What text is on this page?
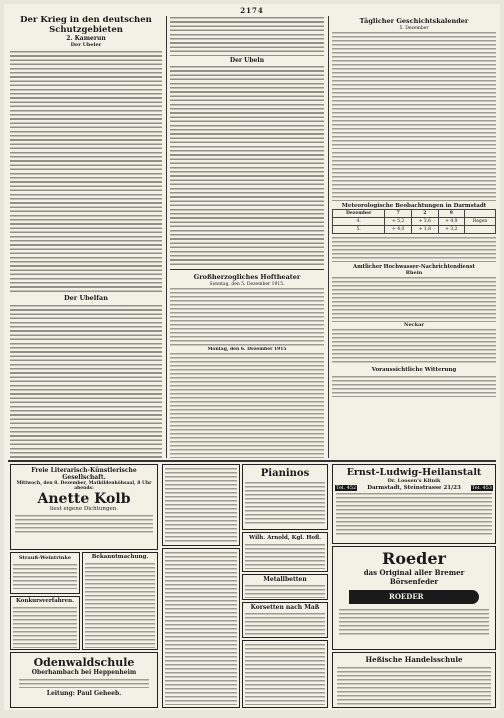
2174
Der Krieg in den deutschen Schutzgebieten
2. Kamerun
Der Ubeler
Der Ubelfan
Der Ubeln
Großherzogliches Hoftheater
Sonntag, den 5. Dezember 1915.
Montag, den 6. Dezember 1915
Täglicher Geschichtskalender
5. Dezember
Meteorologische Beobachtungen in Darmstadt
Dezember	7	2	9	
4.	+ 5,2	+ 3,6	+ 4,9	Regen
5.	+ 4,0	+ 1,8	+ 3,2	
Amtlicher Hochwasser-Nachrichtendienst
Rhein
Neckar
Voraussichtliche Witterung
Freie Literarisch-Künstlerische Gesellschaft.
Mittwoch, den 8. Dezember, Mathildenhöhsaal, 8 Uhr abends:
Anette Kolb
liest eigene Dichtungen.
Strauß-Weintrinke	Bekanntmachung.
Konkursverfahren.
Odenwaldschule
Oberhambach bei Heppenheim
Leitung: Paul Geheeb.
Pianinos
Wilh. Arnold, Kgl. Hofl.
Metallbetten
Korsetten nach Maß
Ernst-Ludwig-Heilanstalt
Dr. Loosen's Klinik
Tel. 452 Darmstadt, Steinstrasse 21/23 Tel. 453
Roeder
das Original aller Bremer Börsenfeder
ROEDER
Heßische Handelsschule
